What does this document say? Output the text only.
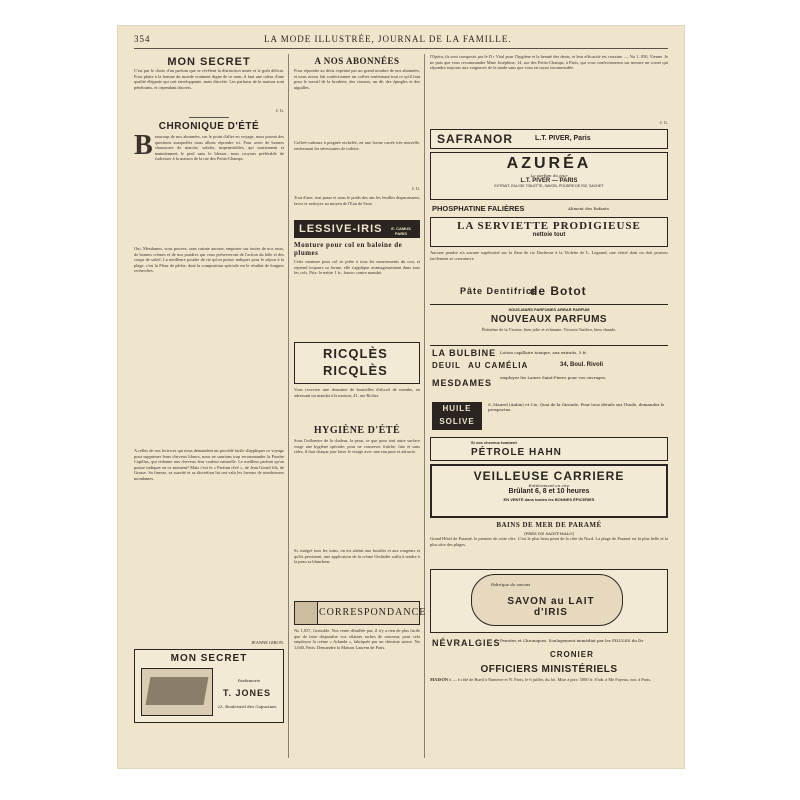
354	LA MODE ILLUSTRÉE, JOURNAL DE LA FAMILLE.
MON SECRET
C'est par le choix d'un parfum que se révèlent la distinction innée et le goût délicat. Pour plaire à la femme du monde vraiment digne de ce nom, il faut une odeur d'une qualité élégante qui soit enveloppante, mais discrète. Les parfums de la maison sont pénétrants, et cependant discrets.
J. G.
CHRONIQUE D'ÉTÉ
Beaucoup de nos abonnées, sur le point d'aller en voyage, nous posent des questions auxquelles nous allons répondre ici. Pour avoir de bonnes chaussures de marche, solides, imperméables, qui soutiennent et maintiennent le pied sans le blesser, nous croyons préférable de s'adresser à la maison de la rue des Petits-Champs.
Oui, Mesdames, vous pouvez, sans crainte aucune, emporter sur toutes de nos eaux, de bonnes crèmes et de nos poudres qui vous préserveront de l'action du hâle et des coups de soleil. La meilleure poudre de riz qu'on puisse indiquer pour le séjour à la plage, c'est la Fleur de pêche, dont la composition spéciale est le résultat de longues recherches.
A celles de nos lectrices qui nous demandent un procédé facile d'appliquer ce voyage pour supprimer leurs cheveux blancs, nous ne saurions trop recommander la Poudre Capillus, qui redonne aux cheveux leur couleur naturelle. Le meilleur parfum qu'on puisse indiquer en ce moment? Mais c'est le « Parfum rêvé », de Jean Girard fils, de Grasse. Sa finesse, sa suavité et sa discrétion lui ont valu les faveurs de nombreuses mondaines.
JEANNE GIRON.
MON SECRET
Parfumerie
T. JONES
23, Boulevard des Capucines
A NOS ABONNÉES
Pour répondre au désir exprimé par un grand nombre de nos abonnées, et nous avons fait confectionner un coffret renfermant tout ce qu'il faut pour le travail de la broderie, des ciseaux, un dé, des épingles et des aiguilles.
Coffret-cadeaux à poignée nickelée, en une forme carrée très nouvelle, renfermant les nécessaires de toilette.
J. G.
Tout d'une, tout passe et nous le poids des ans les feuilles disparaissent; lavez et nettoyez au moyen de l'Eau de Saxe.
LESSIVE-IRIS	E. CAMUS PARIS
Monture pour col en baleine de plumes
Cette monture pour col se prête à tous les mouvements du cou, et reprend toujours sa forme, elle s'applique avantageusement dans tous les cols. Prix: le mètre 1 fr., franco contre mandat.
RICQLÈS
RICQLÈS
Vous recevrez une douzaine de bouteilles d'alcool de menthe, en adressant un mandat à la maison, 41, rue Richer.
HYGIÈNE D'ÉTÉ
Sous l'influence de la chaleur, la peau, ce que pour tout autre surface exige une hygiène spéciale; pour ne conserver fraîche, fine et sans rides, il faut chaque jour laver le visage avec une eau pure et adoucie.
Si, malgré tous les soins, on est atteint aux hostiles et aux rougeurs et qu'ils persistent, une application de la crème Orchidée suffit à rendre à la peau sa blancheur.
CORRESPONDANCE
No 1,037, Grenoble. Nos vente détaillée pas, il n'y a rien de plus facile que de faire disparaître vos vilaines taches de rousseur, pour cela employez la crème « Arlanda », fabriquée par un chimiste suisse. No 1,040, Paris. Demandez la Maison Laurent de Paris.
l'Opéra; ils sont composés par le D r Vital pour l'hygiène et la beauté des dents, et leur efficacité est certaine. — No 1, 050, Vienne. Je ne puis que vous recommander Mme Joséphine, 14, rue des Petits-Champs, à Paris, qui vous confectionnera sur mesure un corset qui répondra toujours aux exigences de la mode sans que vous en soyez incommodée.
J. G.
SAFRANOR	L.T. PIVER, Paris
AZURÉA
Le parfum du jour
L.T. PIVER — PARIS
EXTRAIT, EAU DE TOILETTE, SAVON, POUDRE DE RIZ, SACHET
PHOSPHATINE FALIÈRES	Aliment des Enfants
LA SERVIETTE PRODIGIEUSE
nettoie tout
Aucune poudre n'a aucune supériorité sur la fleur de riz Duchesse à la Violette de L. Legrand, une vérité dont on doit pouvoir facilement se convaincre.
Pâte Dentifrice
de Botot
SOUS-MARS PARFUMES ARRAR PARFUM
NOUVEAUX PARFUMS
Ébénéine de la Viorine, bien jolie et éclatante, Victoria Tardive, bien chaude.
LA BULBINE Lotion capillaire tonique, aux extraits, 5 fr.
DEUIL AU CAMÉLIA	34, Boul. Rivoli
MESDAMES
employez les Laines Saint-Pierre pour vos ouvrages.
HUILE SOLIVE
S. Maurel (Aubin) et Cie, Quai de la Gironde. Pour tous détails sur l'huile, demandez le prospectus.
Si vos cheveux tombent
PÉTROLE HAHN
VEILLEUSE CARRIERE
Entièrement en cire
Brûlant 6, 8 et 10 heures
EN VENTE dans toutes les BONNES ÉPICERIES
BAINS DE MER DE PARAMÉ
(PRÈS DE SAINT-MALO)
Grand Hôtel de Paramé, le premier de cette côte. C'est le plus beau point de la côte du Nord. La plage de Paramé est la plus belle et la plus sûre des plages.
Fabrique de savons
SAVON au LAIT d'IRIS
NÉVRALGIES Pensées et Chroniques. Soulagement immédiat par les PILULES du Dr
CRONIER
OFFICIERS MINISTÉRIELS
MAISON à — à côté de Rueil à Nanterre et N. Paris, le 6 juillet, du lot. Mise à prix: 5000 fr. S'adr. à Me Fayeux, not. à Paris.
